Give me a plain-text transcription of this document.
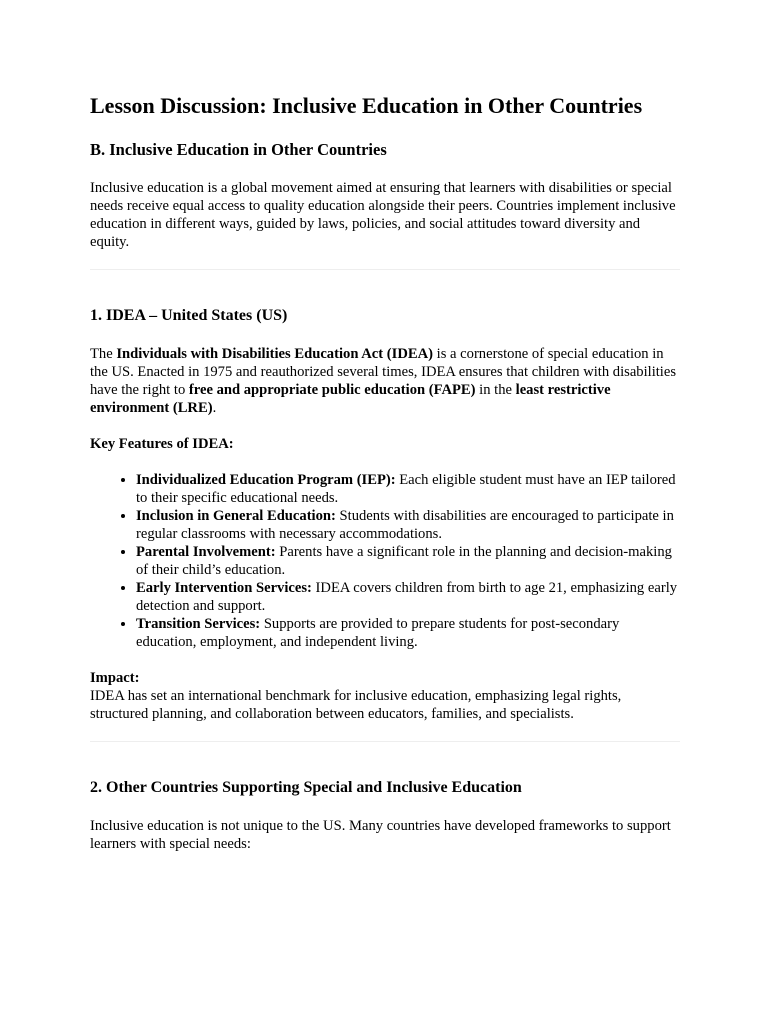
Lesson Discussion: Inclusive Education in Other Countries
B. Inclusive Education in Other Countries

Inclusive education is a global movement aimed at ensuring that learners with disabilities or special needs receive equal access to quality education alongside their peers. Countries implement inclusive education in different ways, guided by laws, policies, and social attitudes toward diversity and equity.

1. IDEA – United States (US)

The Individuals with Disabilities Education Act (IDEA) is a cornerstone of special education in the US. Enacted in 1975 and reauthorized several times, IDEA ensures that children with disabilities have the right to free and appropriate public education (FAPE) in the least restrictive environment (LRE).

Key Features of IDEA:

• Individualized Education Program (IEP): Each eligible student must have an IEP tailored to their specific educational needs.
• Inclusion in General Education: Students with disabilities are encouraged to participate in regular classrooms with necessary accommodations.
• Parental Involvement: Parents have a significant role in the planning and decision-making of their child’s education.
• Early Intervention Services: IDEA covers children from birth to age 21, emphasizing early detection and support.
• Transition Services: Supports are provided to prepare students for post-secondary education, employment, and independent living.

Impact:

IDEA has set an international benchmark for inclusive education, emphasizing legal rights, structured planning, and collaboration between educators, families, and specialists.

2. Other Countries Supporting Special and Inclusive Education

Inclusive education is not unique to the US. Many countries have developed frameworks to support learners with special needs:
